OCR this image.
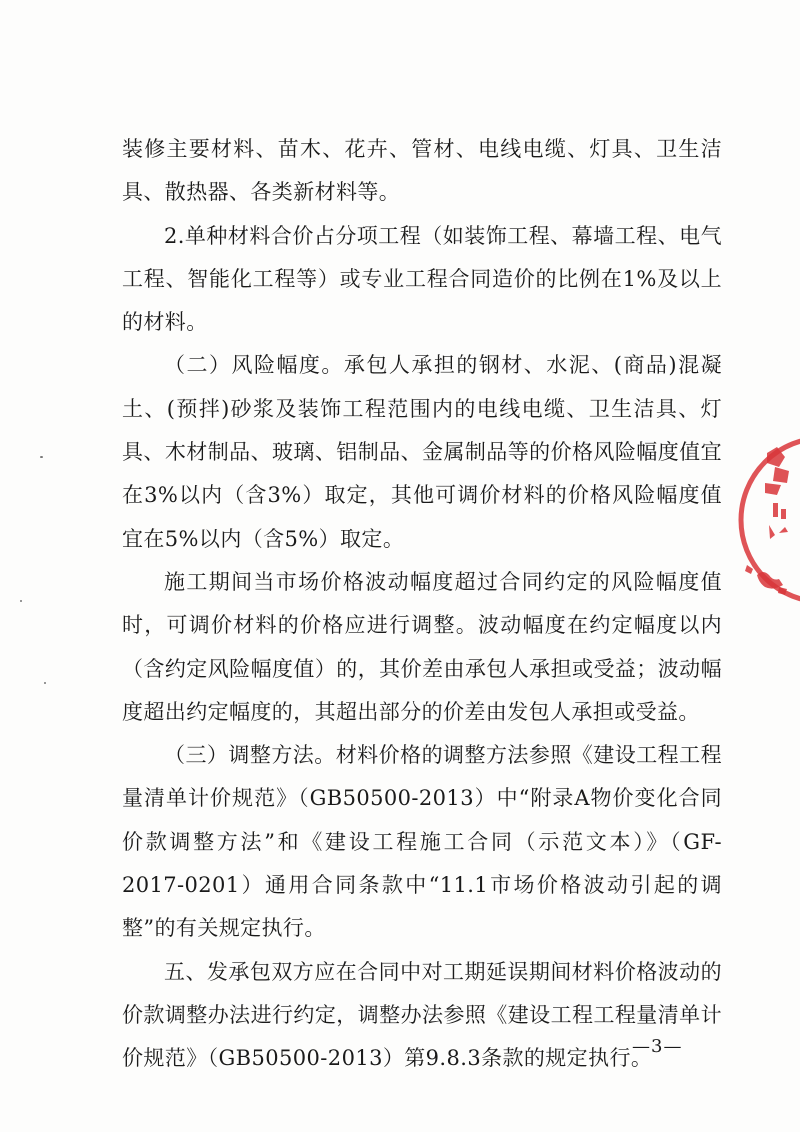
装修主要材料、苗木、花卉、管材、电线电缆、灯具、卫生洁具、散热器、各类新材料等。

2.单种材料合价占分项工程（如装饰工程、幕墙工程、电气工程、智能化工程等）或专业工程合同造价的比例在1%及以上的材料。

（二）风险幅度。承包人承担的钢材、水泥、(商品)混凝土、(预拌)砂浆及装饰工程范围内的电线电缆、卫生洁具、灯具、木材制品、玻璃、铝制品、金属制品等的价格风险幅度值宜在3%以内（含3%）取定，其他可调价材料的价格风险幅度值宜在5%以内（含5%）取定。

施工期间当市场价格波动幅度超过合同约定的风险幅度值时，可调价材料的价格应进行调整。波动幅度在约定幅度以内（含约定风险幅度值）的，其价差由承包人承担或受益；波动幅度超出约定幅度的，其超出部分的价差由发包人承担或受益。

（三）调整方法。材料价格的调整方法参照《建设工程工程量清单计价规范》（GB50500-2013）中“附录A物价变化合同价款调整方法”和《建设工程施工合同（示范文本）》（GF-2017-0201）通用合同条款中“11.1市场价格波动引起的调整”的有关规定执行。

五、发承包双方应在合同中对工期延误期间材料价格波动的价款调整办法进行约定，调整办法参照《建设工程工程量清单计价规范》（GB50500-2013）第9.8.3条款的规定执行。

—3—
